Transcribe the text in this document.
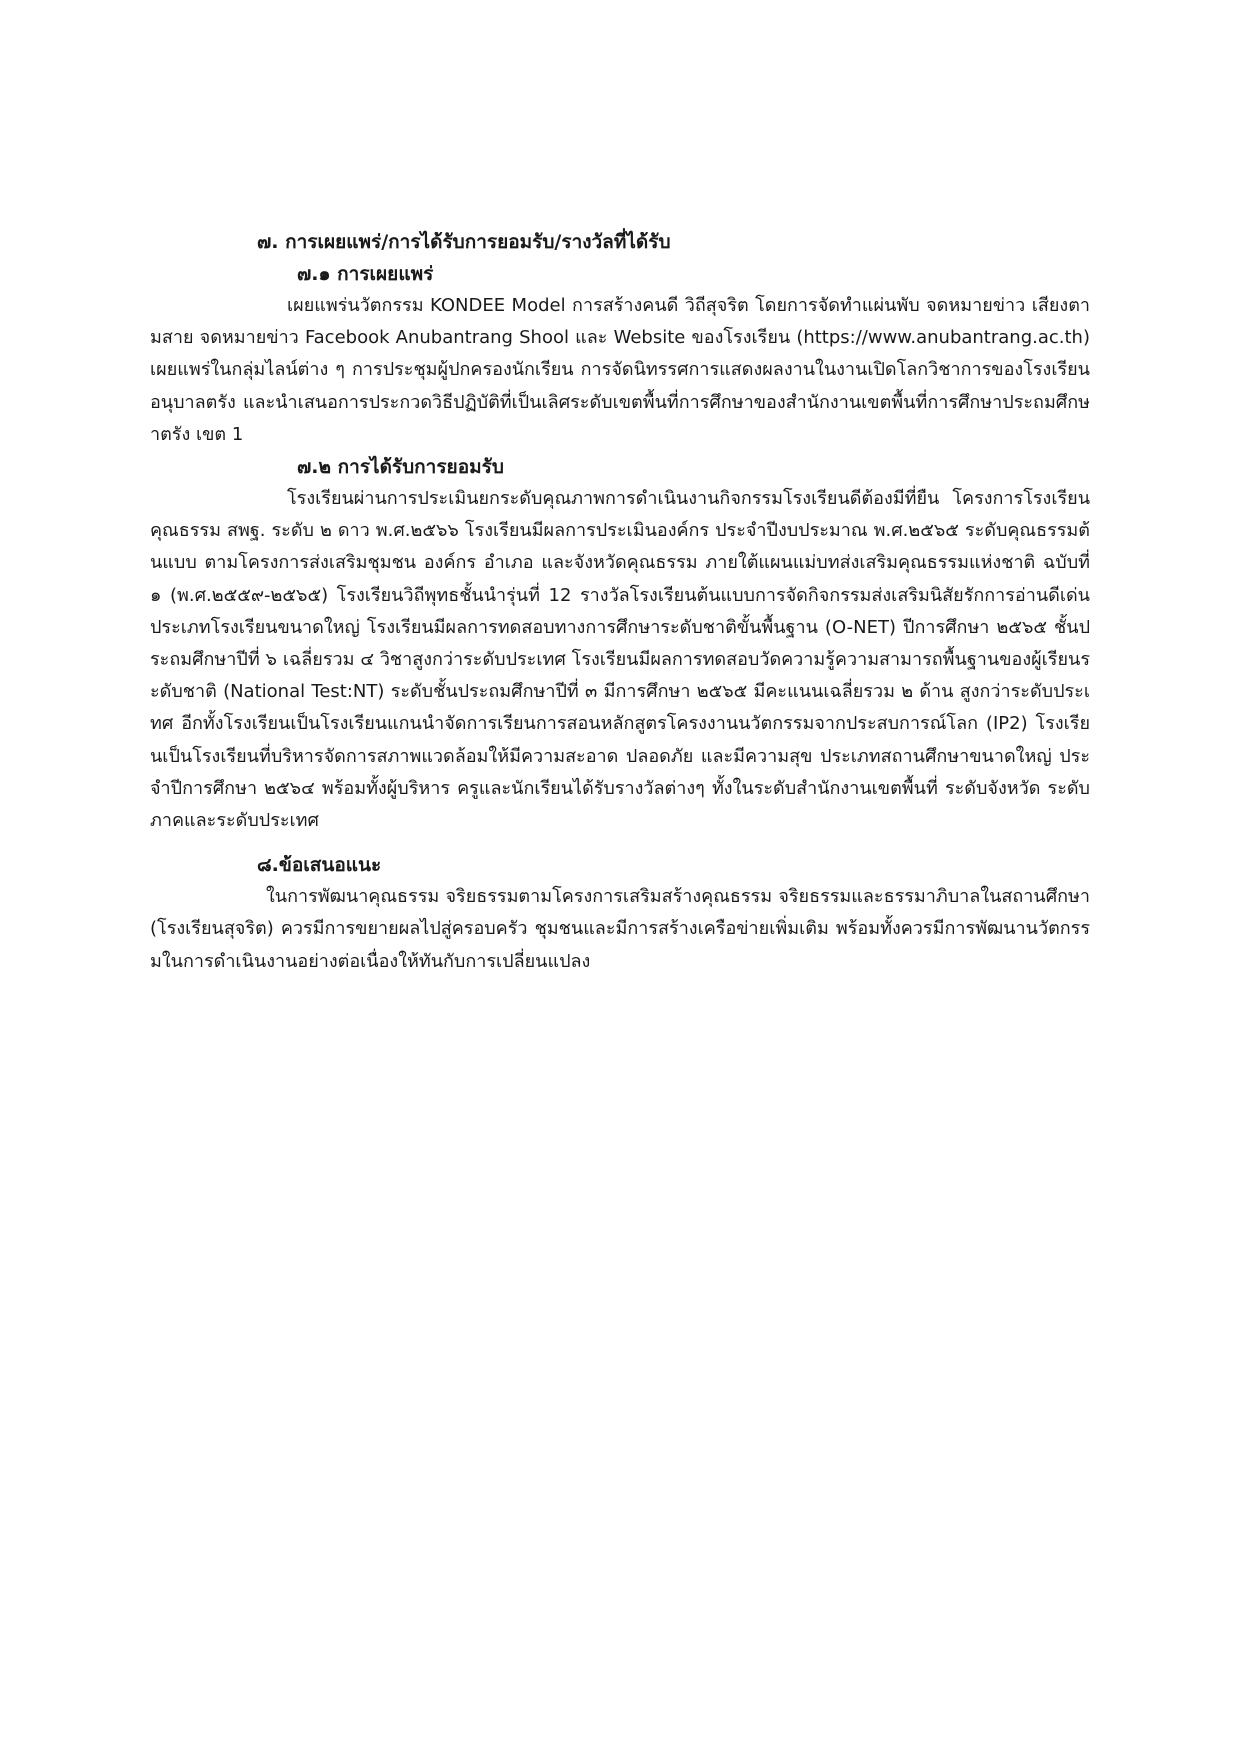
๗. การเผยแพร่/การได้รับการยอมรับ/รางวัลที่ได้รับ
๗.๑ การเผยแพร่

เผยแพร่นวัตกรรม KONDEE Model การสร้างคนดี วิถีสุจริต โดยการจัดทำแผ่นพับ จดหมายข่าว เสียงตามสาย จดหมายข่าว Facebook Anubantrang Shool และ Website ของโรงเรียน (https://www.anubantrang.ac.th) เผยแพร่ในกลุ่มไลน์ต่าง ๆ การประชุมผู้ปกครองนักเรียน การจัดนิทรรศการแสดงผลงานในงานเปิดโลกวิชาการของโรงเรียนอนุบาลตรัง และนำเสนอการประกวดวิธีปฏิบัติที่เป็นเลิศระดับเขตพื้นที่การศึกษาของสำนักงานเขตพื้นที่การศึกษาประถมศึกษาตรัง เขต 1

๗.๒ การได้รับการยอมรับ

โรงเรียนผ่านการประเมินยกระดับคุณภาพการดำเนินงานกิจกรรมโรงเรียนดีต้องมีที่ยืน โครงการโรงเรียนคุณธรรม สพฐ. ระดับ ๒ ดาว พ.ศ.๒๕๖๖ โรงเรียนมีผลการประเมินองค์กร ประจำปีงบประมาณ พ.ศ.๒๕๖๕ ระดับคุณธรรมต้นแบบ ตามโครงการส่งเสริมชุมชน องค์กร อำเภอ และจังหวัดคุณธรรม ภายใต้แผนแม่บทส่งเสริมคุณธรรมแห่งชาติ ฉบับที่ ๑ (พ.ศ.๒๕๕๙-๒๕๖๕) โรงเรียนวิถีพุทธชั้นนำรุ่นที่ 12 รางวัลโรงเรียนต้นแบบการจัดกิจกรรมส่งเสริมนิสัยรักการอ่านดีเด่น ประเภทโรงเรียนขนาดใหญ่ โรงเรียนมีผลการทดสอบทางการศึกษาระดับชาติขั้นพื้นฐาน (O-NET) ปีการศึกษา ๒๕๖๕ ชั้นประถมศึกษาปีที่ ๖ เฉลี่ยรวม ๔ วิชาสูงกว่าระดับประเทศ โรงเรียนมีผลการทดสอบวัดความรู้ความสามารถพื้นฐานของผู้เรียนระดับชาติ (National Test:NT) ระดับชั้นประถมศึกษาปีที่ ๓ มีการศึกษา ๒๕๖๕ มีคะแนนเฉลี่ยรวม ๒ ด้าน สูงกว่าระดับประเทศ อีกทั้งโรงเรียนเป็นโรงเรียนแกนนำจัดการเรียนการสอนหลักสูตรโครงงานนวัตกรรมจากประสบการณ์โลก (IP2) โรงเรียนเป็นโรงเรียนที่บริหารจัดการสภาพแวดล้อมให้มีความสะอาด ปลอดภัย และมีความสุข ประเภทสถานศึกษาขนาดใหญ่ ประจำปีการศึกษา ๒๕๖๔ พร้อมทั้งผู้บริหาร ครูและนักเรียนได้รับรางวัลต่างๆ ทั้งในระดับสำนักงานเขตพื้นที่ ระดับจังหวัด ระดับภาคและระดับประเทศ

๘.ข้อเสนอแนะ

ในการพัฒนาคุณธรรม จริยธรรมตามโครงการเสริมสร้างคุณธรรม จริยธรรมและธรรมาภิบาลในสถานศึกษา (โรงเรียนสุจริต) ควรมีการขยายผลไปสู่ครอบครัว ชุมชนและมีการสร้างเครือข่ายเพิ่มเติม พร้อมทั้งควรมีการพัฒนานวัตกรรมในการดำเนินงานอย่างต่อเนื่องให้ทันกับการเปลี่ยนแปลง
